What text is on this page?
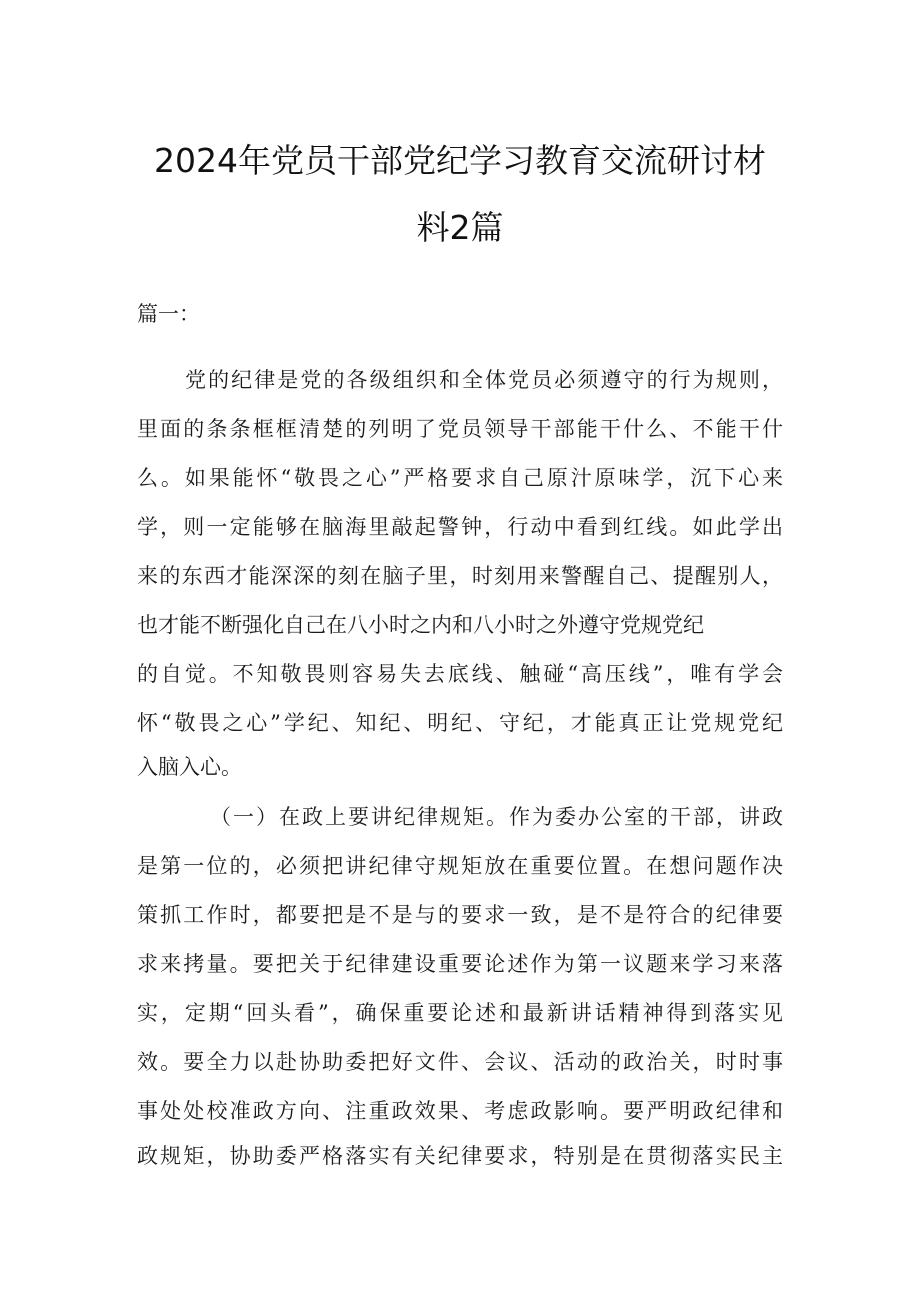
2024年党员干部党纪学习教育交流研讨材
料2篇
篇一：
党的纪律是党的各级组织和全体党员必须遵守的行为规则，
里面的条条框框清楚的列明了党员领导干部能干什么、不能干什
么。如果能怀“敬畏之心”严格要求自己原汁原味学，沉下心来
学，则一定能够在脑海里敲起警钟，行动中看到红线。如此学出
来的东西才能深深的刻在脑子里，时刻用来警醒自己、提醒别人，
也才能不断强化自己在八小时之内和八小时之外遵守党规党纪
的自觉。不知敬畏则容易失去底线、触碰“高压线”，唯有学会
怀“敬畏之心”学纪、知纪、明纪、守纪，才能真正让党规党纪
入脑入心。
（一）在政上要讲纪律规矩。作为委办公室的干部，讲政
是第一位的，必须把讲纪律守规矩放在重要位置。在想问题作决
策抓工作时，都要把是不是与的要求一致，是不是符合的纪律要
求来拷量。要把关于纪律建设重要论述作为第一议题来学习来落
实，定期“回头看”，确保重要论述和最新讲话精神得到落实见
效。要全力以赴协助委把好文件、会议、活动的政治关，时时事
事处处校准政方向、注重政效果、考虑政影响。要严明政纪律和
政规矩，协助委严格落实有关纪律要求，特别是在贯彻落实民主
